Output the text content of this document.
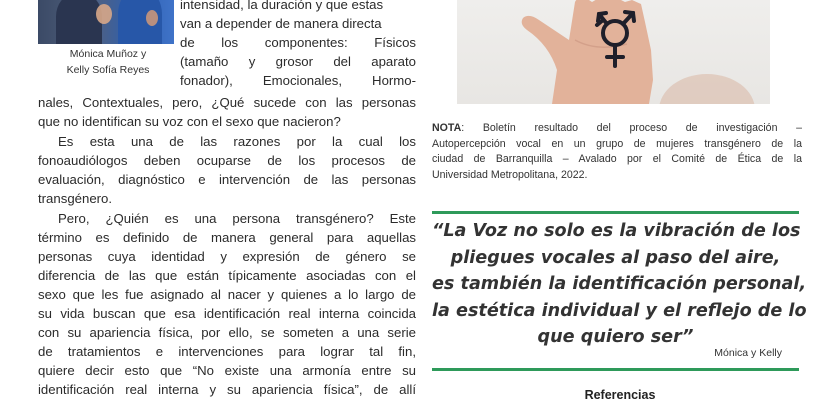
Mónica Muñoz y
Kelly Sofía Reyes
intensidad, la duración y que estas
van a depender de manera directa
de los componentes: Físicos
(tamaño y grosor del aparato
fonador), Emocionales, Hormo-
nales, Contextuales, pero, ¿Qué sucede con las personas
que no identifican su voz con el sexo que nacieron?
Es esta una de las razones por la cual los
fonoaudiólogos deben ocuparse de los procesos de
evaluación, diagnóstico e intervención de las personas
transgénero.
Pero, ¿Quién es una persona transgénero? Este
término es definido de manera general para aquellas
personas cuya identidad y expresión de género se
diferencia de las que están típicamente asociadas con el
sexo que les fue asignado al nacer y quienes a lo largo de
su vida buscan que esa identificación real interna coincida
con su apariencia física, por ello, se someten a una serie
de tratamientos e intervenciones para lograr tal fin,
quiere decir esto que “No existe una armonía entre su
identificación real interna y su apariencia física”, de allí
NOTA: Boletín resultado del proceso de investigación –
Autopercepción vocal en un grupo de mujeres transgénero de la
ciudad de Barranquilla – Avalado por el Comité de Ética de la
Universidad Metropolitana, 2022.
“La Voz no solo es la vibración de los
pliegues vocales al paso del aire,
es también la identificación personal,
la estética individual y el reflejo de lo
que quiero ser”
Mónica y Kelly
Referencias
